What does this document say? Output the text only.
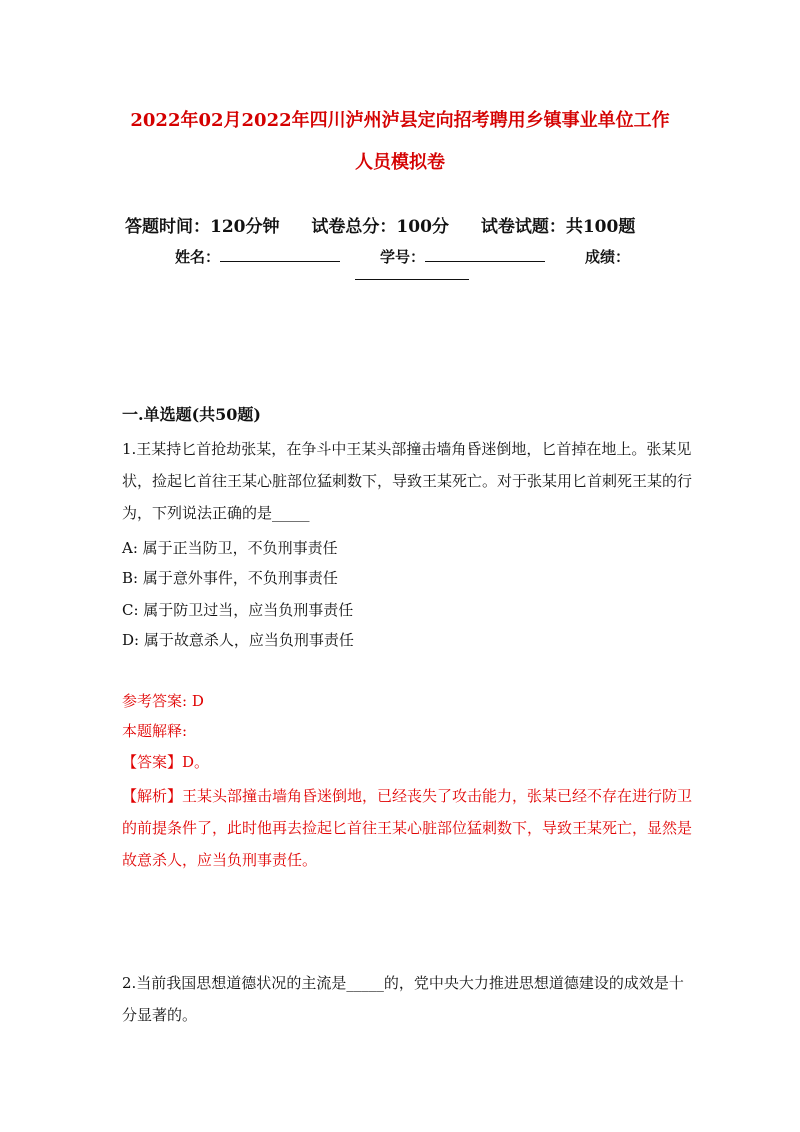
2022年02月2022年四川泸州泸县定向招考聘用乡镇事业单位工作
人员模拟卷
答题时间：120分钟 试卷总分：100分 试卷试题：共100题
姓名：	学号：	成绩：
一.单选题(共50题)
1.王某持匕首抢劫张某，在争斗中王某头部撞击墙角昏迷倒地，匕首掉在地上。张某见状，捡起匕首往王某心脏部位猛刺数下，导致王某死亡。对于张某用匕首刺死王某的行为，下列说法正确的是_____
A: 属于正当防卫，不负刑事责任
B: 属于意外事件，不负刑事责任
C: 属于防卫过当，应当负刑事责任
D: 属于故意杀人，应当负刑事责任
参考答案: D
本题解释:
【答案】D。
【解析】王某头部撞击墙角昏迷倒地，已经丧失了攻击能力，张某已经不存在进行防卫的前提条件了，此时他再去捡起匕首往王某心脏部位猛刺数下，导致王某死亡，显然是故意杀人，应当负刑事责任。
2.当前我国思想道德状况的主流是_____的，党中央大力推进思想道德建设的成效是十分显著的。
